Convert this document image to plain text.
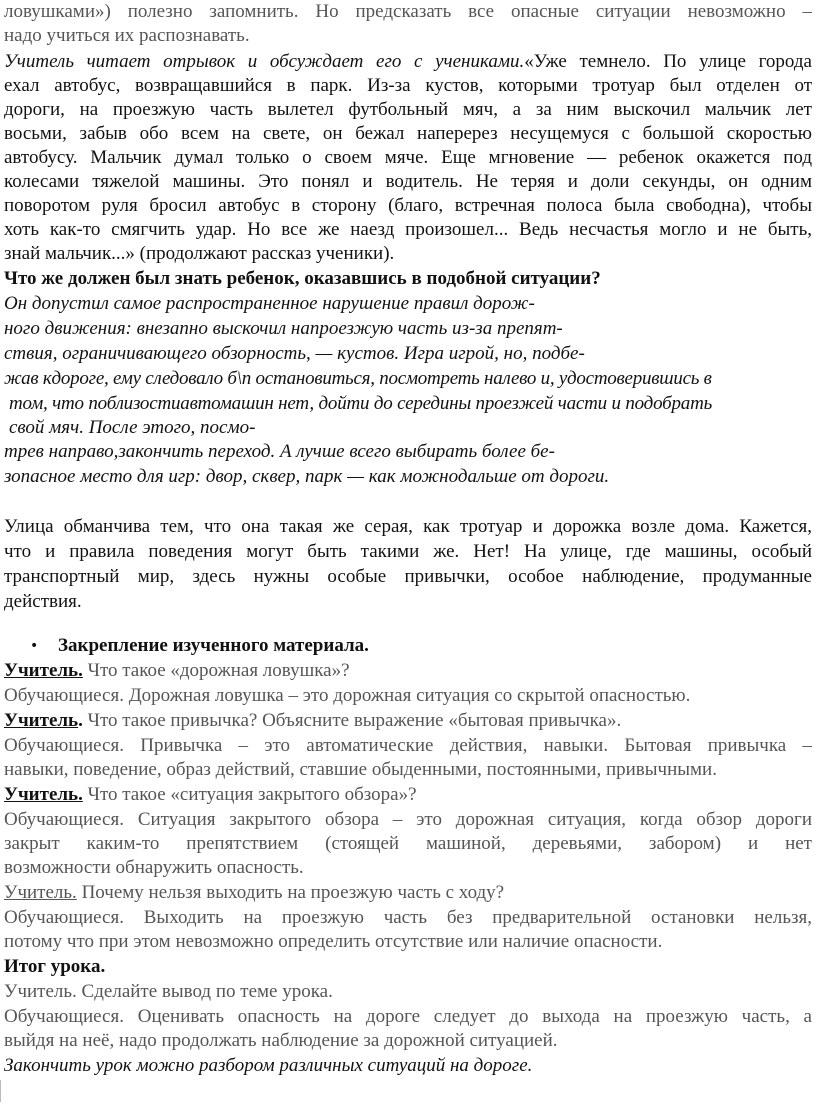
ловушками») полезно запомнить. Но предсказать все опасные ситуации невозможно –
надо учиться их распознавать.
Учитель читает отрывок и обсуждает его с учениками.«Уже темнело. По улице города
ехал автобус, возвращавшийся в парк. Из-за кустов, которыми тротуар был отделен от
дороги, на проезжую часть вылетел футбольный мяч, а за ним выскочил мальчик лет
восьми, забыв обо всем на свете, он бежал наперерез несущемуся с большой скоростью
автобусу. Мальчик думал только о своем мяче. Еще мгновение — ребенок окажется под
колесами тяжелой машины. Это понял и водитель. Не теряя и доли секунды, он одним
поворотом руля бросил автобус в сторону (благо, встречная полоса была свободна), чтобы
хоть как-то смягчить удар. Но все же наезд произошел... Ведь несчастья могло и не быть,
знай мальчик...» (продолжают рассказ ученики).
Что же должен был знать ребенок, оказавшись в подобной ситуации?
Он допустил самое распространенное нарушение правил дорож-
ного движения: внезапно выскочил напроезжую часть из-за препят-
ствия, ограничивающего обзорность, — кустов. Игра игрой, но, подбе-
жав кдороге, ему следовало б\п остановиться, посмотреть налево и, удостоверившись в
том, что поблизостиавтомашин нет, дойти до середины проезжей части и подобрать
свой мяч. После этого, посмо-
трев направо,закончить переход. А лучше всего выбирать более бе-
зопасное место для игр: двор, сквер, парк — как можнодальше от дороги.
Улица обманчива тем, что она такая же серая, как тротуар и дорожка возле дома. Кажется,
что и правила поведения могут быть такими же. Нет! На улице, где машины, особый
транспортный мир, здесь нужны особые привычки, особое наблюдение, продуманные
действия.
• Закрепление изученного материала.
Учитель. Что такое «дорожная ловушка»?
Обучающиеся. Дорожная ловушка – это дорожная ситуация со скрытой опасностью.
Учитель. Что такое привычка? Объясните выражение «бытовая привычка».
Обучающиеся. Привычка – это автоматические действия, навыки. Бытовая привычка –
навыки, поведение, образ действий, ставшие обыденными, постоянными, привычными.
Учитель. Что такое «ситуация закрытого обзора»?
Обучающиеся. Ситуация закрытого обзора – это дорожная ситуация, когда обзор дороги
закрыт каким-то препятствием (стоящей машиной, деревьями, забором) и нет
возможности обнаружить опасность.
Учитель. Почему нельзя выходить на проезжую часть с ходу?
Обучающиеся. Выходить на проезжую часть без предварительной остановки нельзя,
потому что при этом невозможно определить отсутствие или наличие опасности.
Итог урока.
Учитель. Сделайте вывод по теме урока.
Обучающиеся. Оценивать опасность на дороге следует до выхода на проезжую часть, а
выйдя на неё, надо продолжать наблюдение за дорожной ситуацией.
Закончить урок можно разбором различных ситуаций на дороге.
